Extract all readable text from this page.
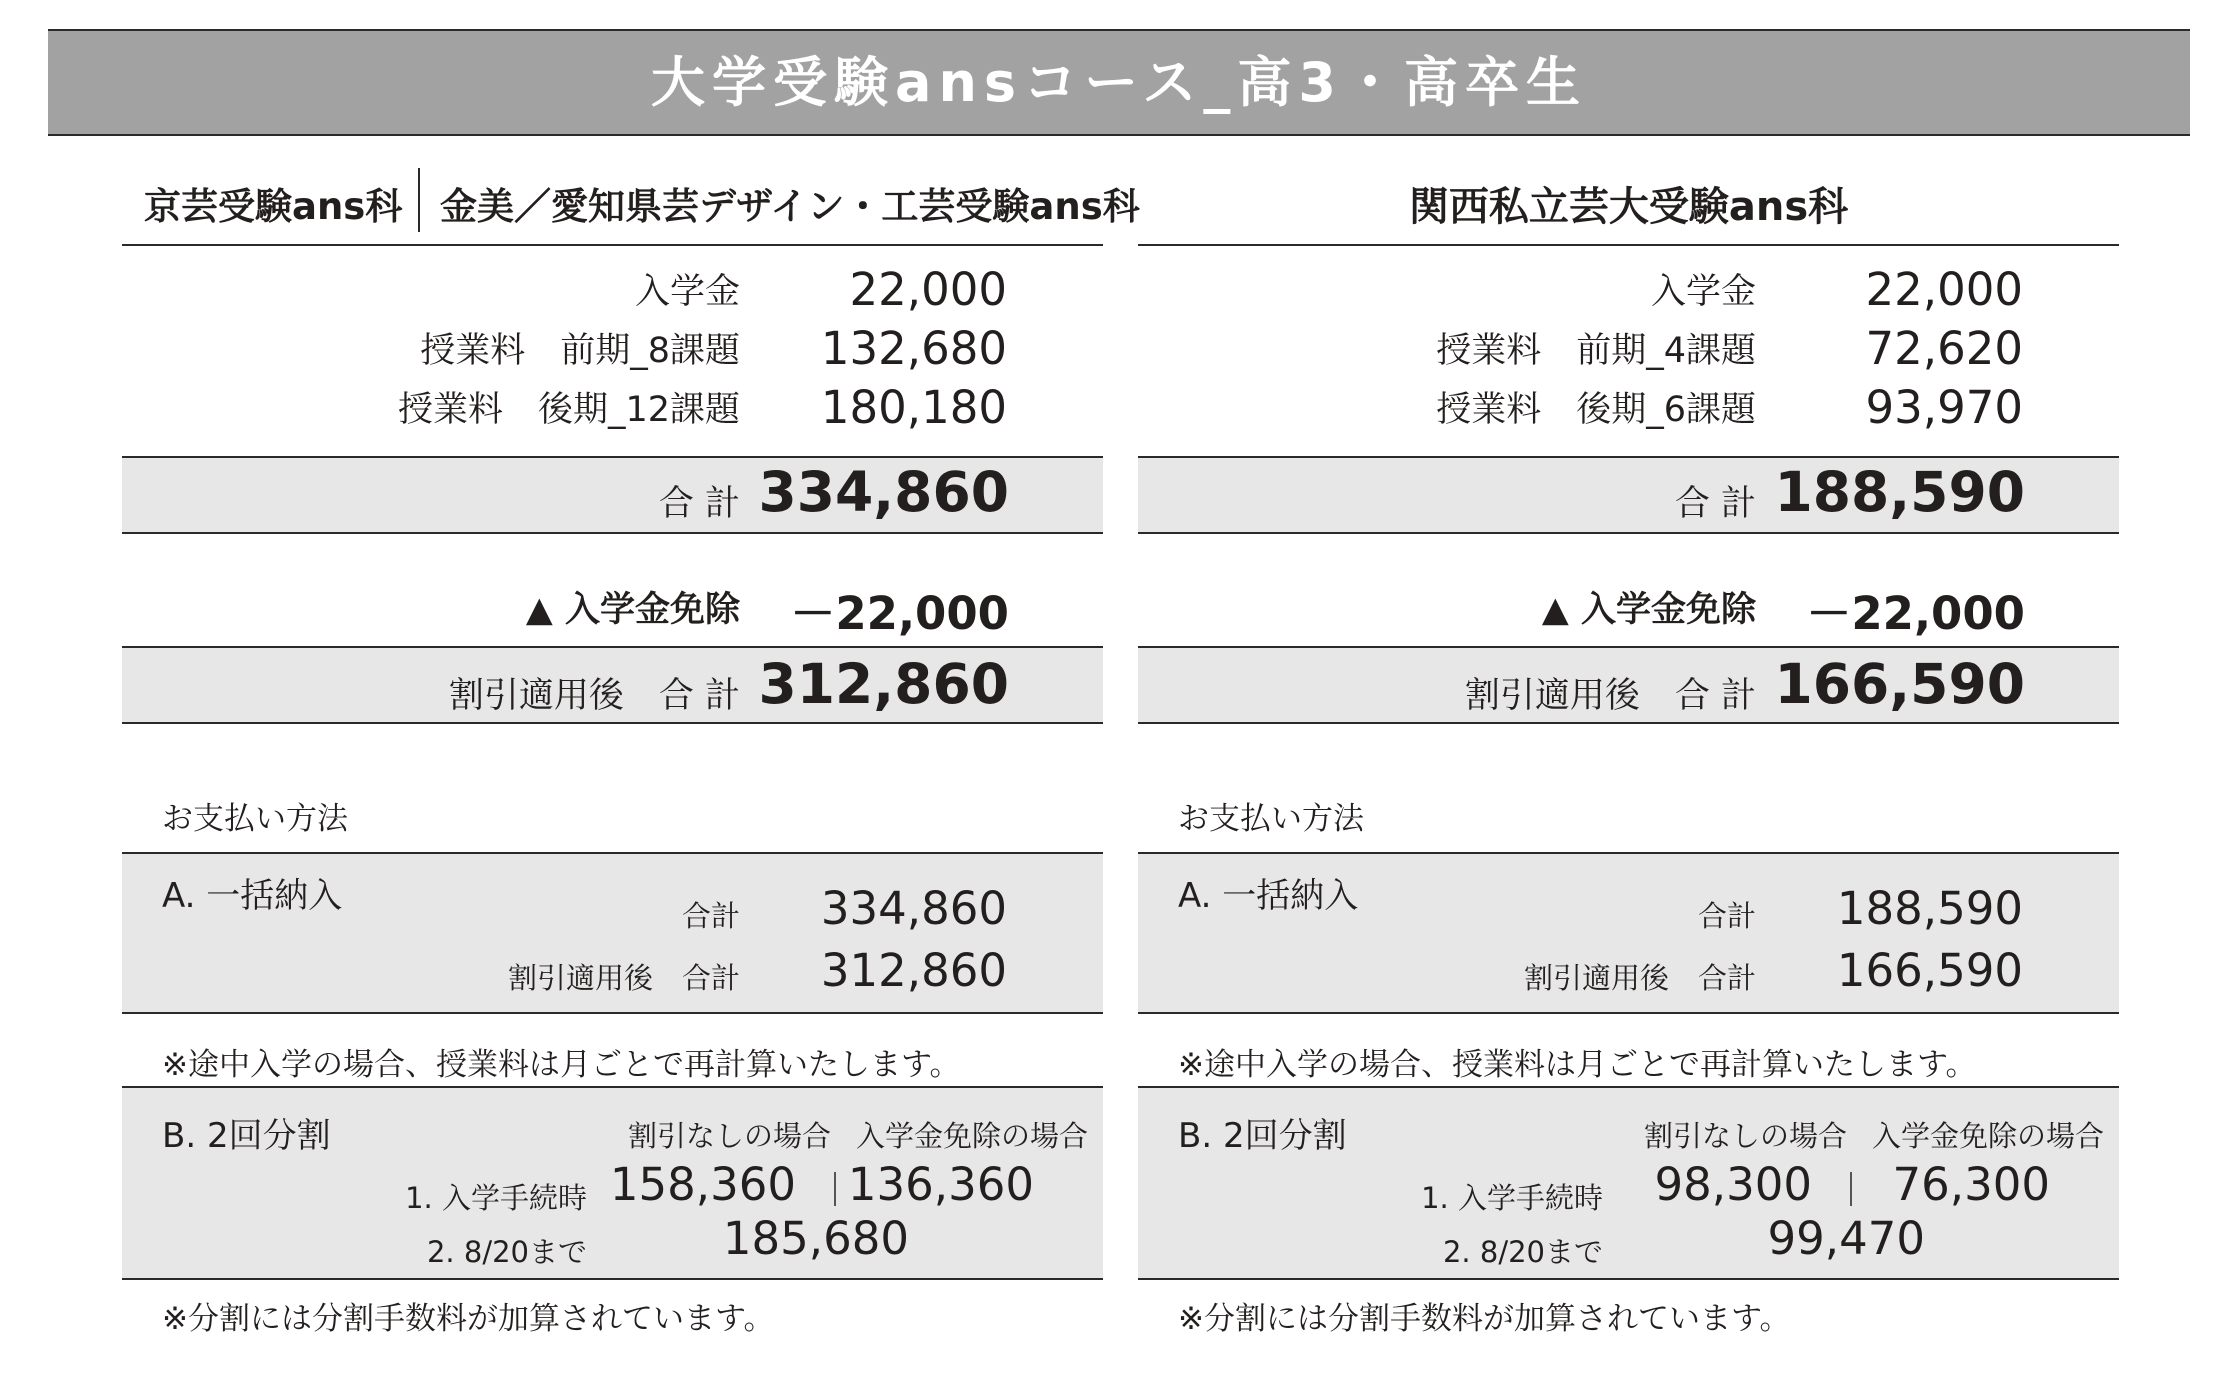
大学受験ansコース_高3・高卒生
京芸受験ans科 金美／愛知県芸デザイン・工芸受験ans科
入学金 22,000
授業料　前期_8課題 132,680
授業料　後期_12課題 180,180
合 計 334,860
▲ 入学金免除 －22,000
割引適用後　合 計 312,860
お支払い方法
A. 一括納入	合計 334,860
割引適用後　合計 312,860
※途中入学の場合、授業料は月ごとで再計算いたします。
B. 2回分割	割引なしの場合 入学金免除の場合
1. 入学手続時 158,360 136,360
2. 8/20まで	185,680
※分割には分割手数料が加算されています。
関西私立芸大受験ans科
入学金 22,000
授業料　前期_4課題 72,620
授業料　後期_6課題 93,970
合 計 188,590
▲ 入学金免除 －22,000
割引適用後　合 計 166,590
お支払い方法
A. 一括納入	合計 188,590
割引適用後　合計 166,590
※途中入学の場合、授業料は月ごとで再計算いたします。
B. 2回分割	割引なしの場合 入学金免除の場合
1. 入学手続時 98,300 76,300
2. 8/20まで	99,470
※分割には分割手数料が加算されています。
